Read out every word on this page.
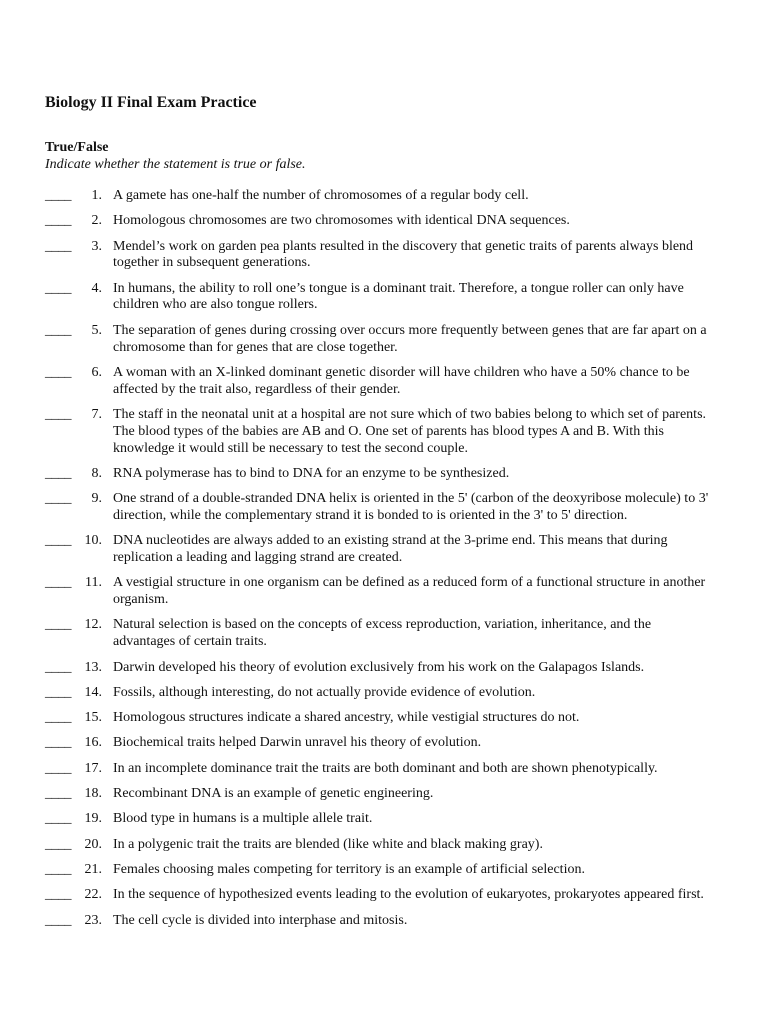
Biology II Final Exam Practice
True/False

Indicate whether the statement is true or false.

____	1. A gamete has one-half the number of chromosomes of a regular body cell.
____	2. Homologous chromosomes are two chromosomes with identical DNA sequences.
____	3. Mendel’s work on garden pea plants resulted in the discovery that genetic traits of parents always blend together in subsequent generations.
____	4. In humans, the ability to roll one’s tongue is a dominant trait. Therefore, a tongue roller can only have children who are also tongue rollers.
____	5. The separation of genes during crossing over occurs more frequently between genes that are far apart on a chromosome than for genes that are close together.
____	6. A woman with an X-linked dominant genetic disorder will have children who have a 50% chance to be affected by the trait also, regardless of their gender.
____	7. The staff in the neonatal unit at a hospital are not sure which of two babies belong to which set of parents. The blood types of the babies are AB and O. One set of parents has blood types A and B. With this knowledge it would still be necessary to test the second couple.
____	8. RNA polymerase has to bind to DNA for an enzyme to be synthesized.
____	9. One strand of a double-stranded DNA helix is oriented in the 5' (carbon of the deoxyribose molecule) to 3' direction, while the complementary strand it is bonded to is oriented in the 3' to 5' direction.
____ 10. DNA nucleotides are always added to an existing strand at the 3-prime end. This means that during replication a leading and lagging strand are created.
____	11. A vestigial structure in one organism can be defined as a reduced form of a functional structure in another organism.
____ 12. Natural selection is based on the concepts of excess reproduction, variation, inheritance, and the advantages of certain traits.
____ 13. Darwin developed his theory of evolution exclusively from his work on the Galapagos Islands.
____ 14. Fossils, although interesting, do not actually provide evidence of evolution.
____ 15. Homologous structures indicate a shared ancestry, while vestigial structures do not.
____ 16. Biochemical traits helped Darwin unravel his theory of evolution.
____ 17. In an incomplete dominance trait the traits are both dominant and both are shown phenotypically.
____ 18. Recombinant DNA is an example of genetic engineering.
____ 19. Blood type in humans is a multiple allele trait.
____ 20. In a polygenic trait the traits are blended (like white and black making gray).
____ 21. Females choosing males competing for territory is an example of artificial selection.
____ 22. In the sequence of hypothesized events leading to the evolution of eukaryotes, prokaryotes appeared first.
____ 23. The cell cycle is divided into interphase and mitosis.
